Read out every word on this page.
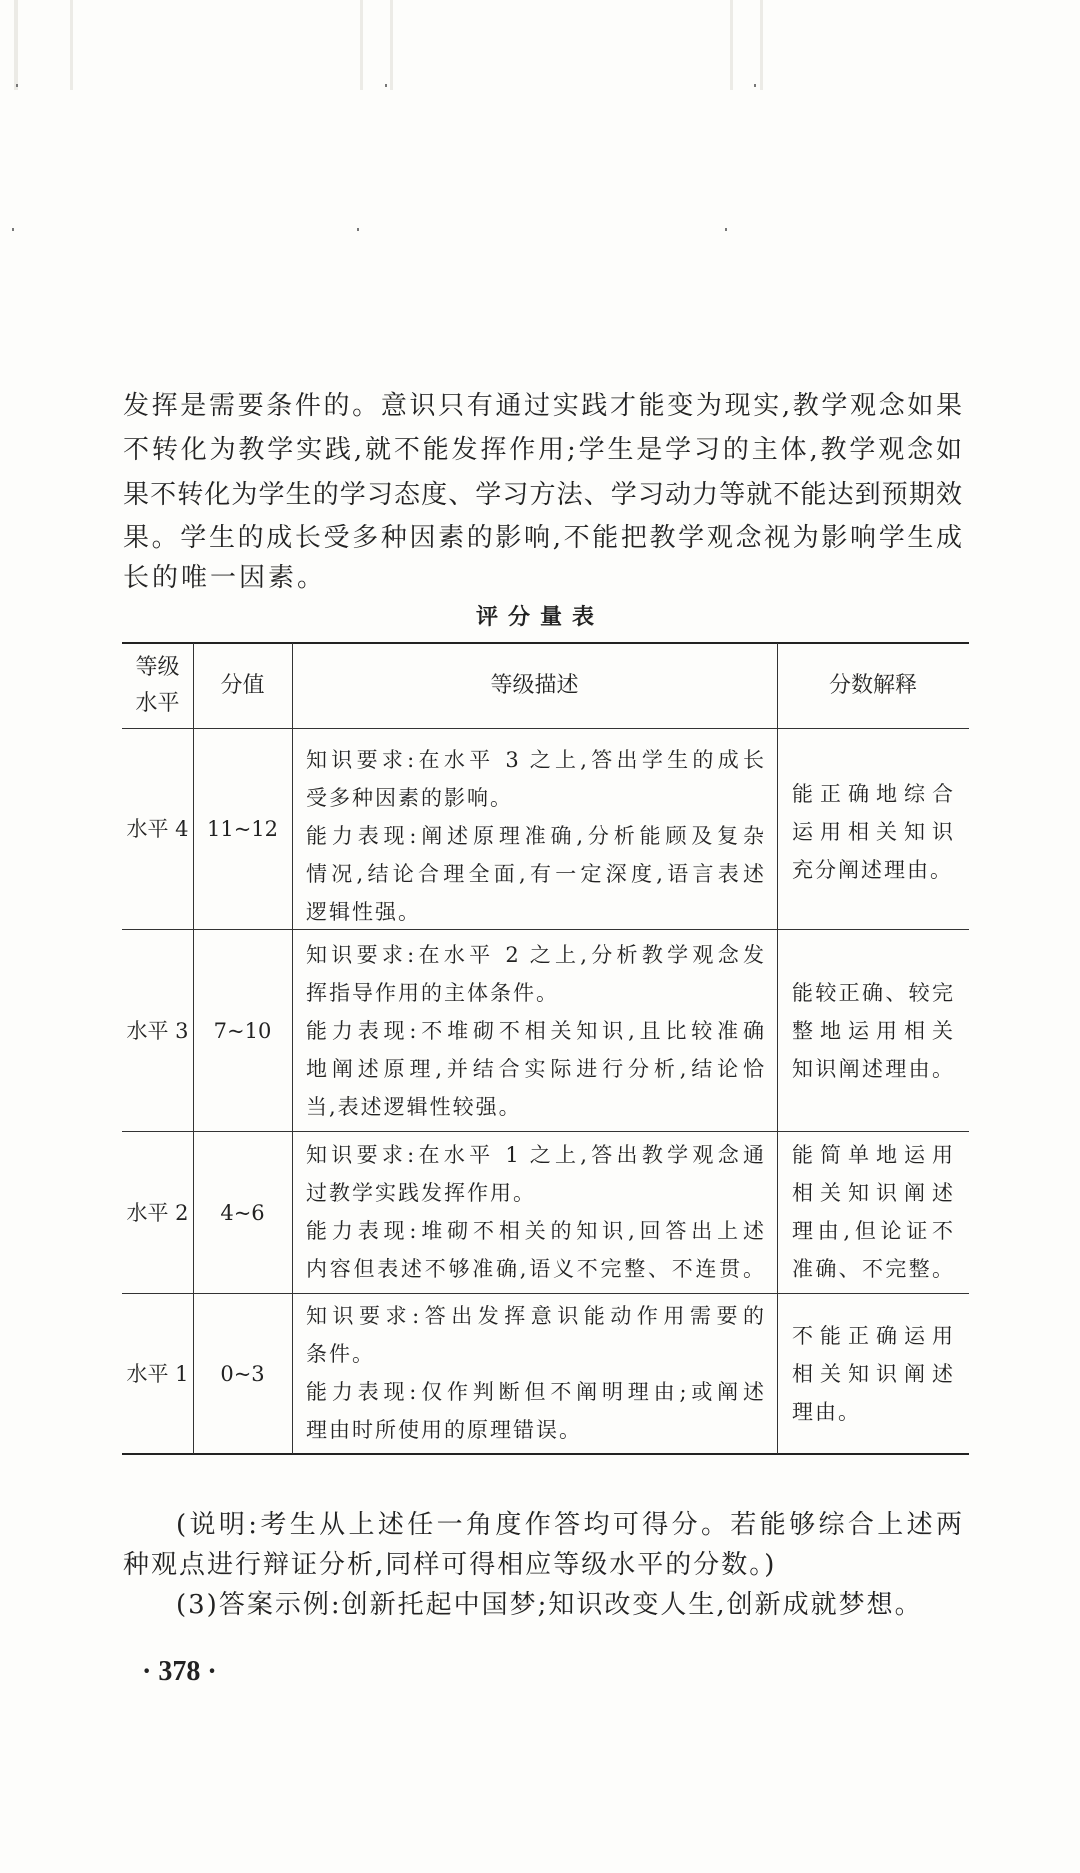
发挥是需要条件的。意识只有通过实践才能变为现实,教学观念如果
不转化为教学实践,就不能发挥作用;学生是学习的主体,教学观念如
果不转化为学生的学习态度、学习方法、学习动力等就不能达到预期效
果。学生的成长受多种因素的影响,不能把教学观念视为影响学生成
长的唯一因素。
评分量表
等级
水平
分值	等级描述	分数解释
水平 4 11~12
知识要求:在水平 3 之上,答出学生的成长
受多种因素的影响。
能力表现:阐述原理准确,分析能顾及复杂
情况,结论合理全面,有一定深度,语言表述
逻辑性强。
能正确地综合
运用相关知识
充分阐述理由。
水平 3 7~10
知识要求:在水平 2 之上,分析教学观念发
挥指导作用的主体条件。
能力表现:不堆砌不相关知识,且比较准确
地阐述原理,并结合实际进行分析,结论恰
当,表述逻辑性较强。
能较正确、较完
整地运用相关
知识阐述理由。
水平 2 4~6
知识要求:在水平 1 之上,答出教学观念通
过教学实践发挥作用。
能力表现:堆砌不相关的知识,回答出上述
内容但表述不够准确,语义不完整、不连贯。
能简单地运用
相关知识阐述
理由,但论证不
准确、不完整。
水平 1 0~3
知识要求:答出发挥意识能动作用需要的
条件。
能力表现:仅作判断但不阐明理由;或阐述
理由时所使用的原理错误。
不能正确运用
相关知识阐述
理由。
(说明:考生从上述任一角度作答均可得分。若能够综合上述两
种观点进行辩证分析,同样可得相应等级水平的分数。)
(3)答案示例:创新托起中国梦;知识改变人生,创新成就梦想。
· 378 ·
